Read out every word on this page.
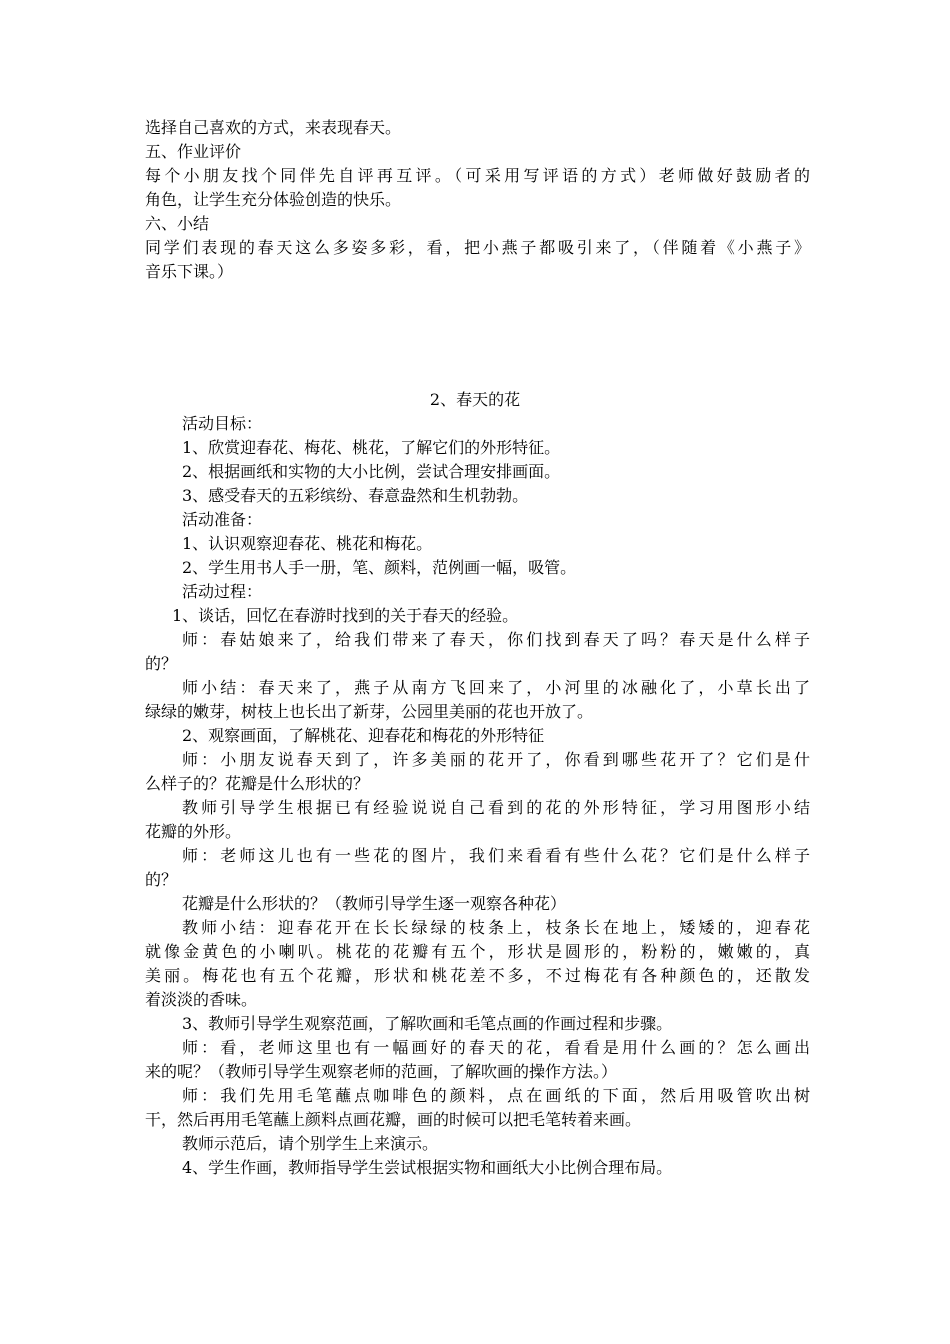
选择自己喜欢的方式，来表现春天。
五、作业评价
每个小朋友找个同伴先自评再互评。（可采用写评语的方式）老师做好鼓励者的
角色，让学生充分体验创造的快乐。
六、小结
同学们表现的春天这么多姿多彩，看，把小燕子都吸引来了，（伴随着《小燕子》
音乐下课。）
2、春天的花
活动目标：
1、欣赏迎春花、梅花、桃花，了解它们的外形特征。
2、根据画纸和实物的大小比例，尝试合理安排画面。
3、感受春天的五彩缤纷、春意盎然和生机勃勃。
活动准备：
1、认识观察迎春花、桃花和梅花。
2、学生用书人手一册，笔、颜料，范例画一幅，吸管。
活动过程：
1、谈话，回忆在春游时找到的关于春天的经验。
师：春姑娘来了，给我们带来了春天，你们找到春天了吗？春天是什么样子
的？
师小结：春天来了，燕子从南方飞回来了，小河里的冰融化了，小草长出了
绿绿的嫩芽，树枝上也长出了新芽，公园里美丽的花也开放了。
2、观察画面，了解桃花、迎春花和梅花的外形特征
师：小朋友说春天到了，许多美丽的花开了，你看到哪些花开了？它们是什
么样子的？花瓣是什么形状的？
教师引导学生根据已有经验说说自己看到的花的外形特征，学习用图形小结
花瓣的外形。
师：老师这儿也有一些花的图片，我们来看看有些什么花？它们是什么样子
的？
花瓣是什么形状的？（教师引导学生逐一观察各种花）
教师小结：迎春花开在长长绿绿的枝条上，枝条长在地上，矮矮的，迎春花
就像金黄色的小喇叭。桃花的花瓣有五个，形状是圆形的，粉粉的，嫩嫩的，真
美丽。梅花也有五个花瓣，形状和桃花差不多，不过梅花有各种颜色的，还散发
着淡淡的香味。
3、教师引导学生观察范画，了解吹画和毛笔点画的作画过程和步骤。
师：看，老师这里也有一幅画好的春天的花，看看是用什么画的？怎么画出
来的呢？（教师引导学生观察老师的范画，了解吹画的操作方法。）
师：我们先用毛笔蘸点咖啡色的颜料，点在画纸的下面，然后用吸管吹出树
干，然后再用毛笔蘸上颜料点画花瓣，画的时候可以把毛笔转着来画。
教师示范后，请个别学生上来演示。
4、学生作画，教师指导学生尝试根据实物和画纸大小比例合理布局。
